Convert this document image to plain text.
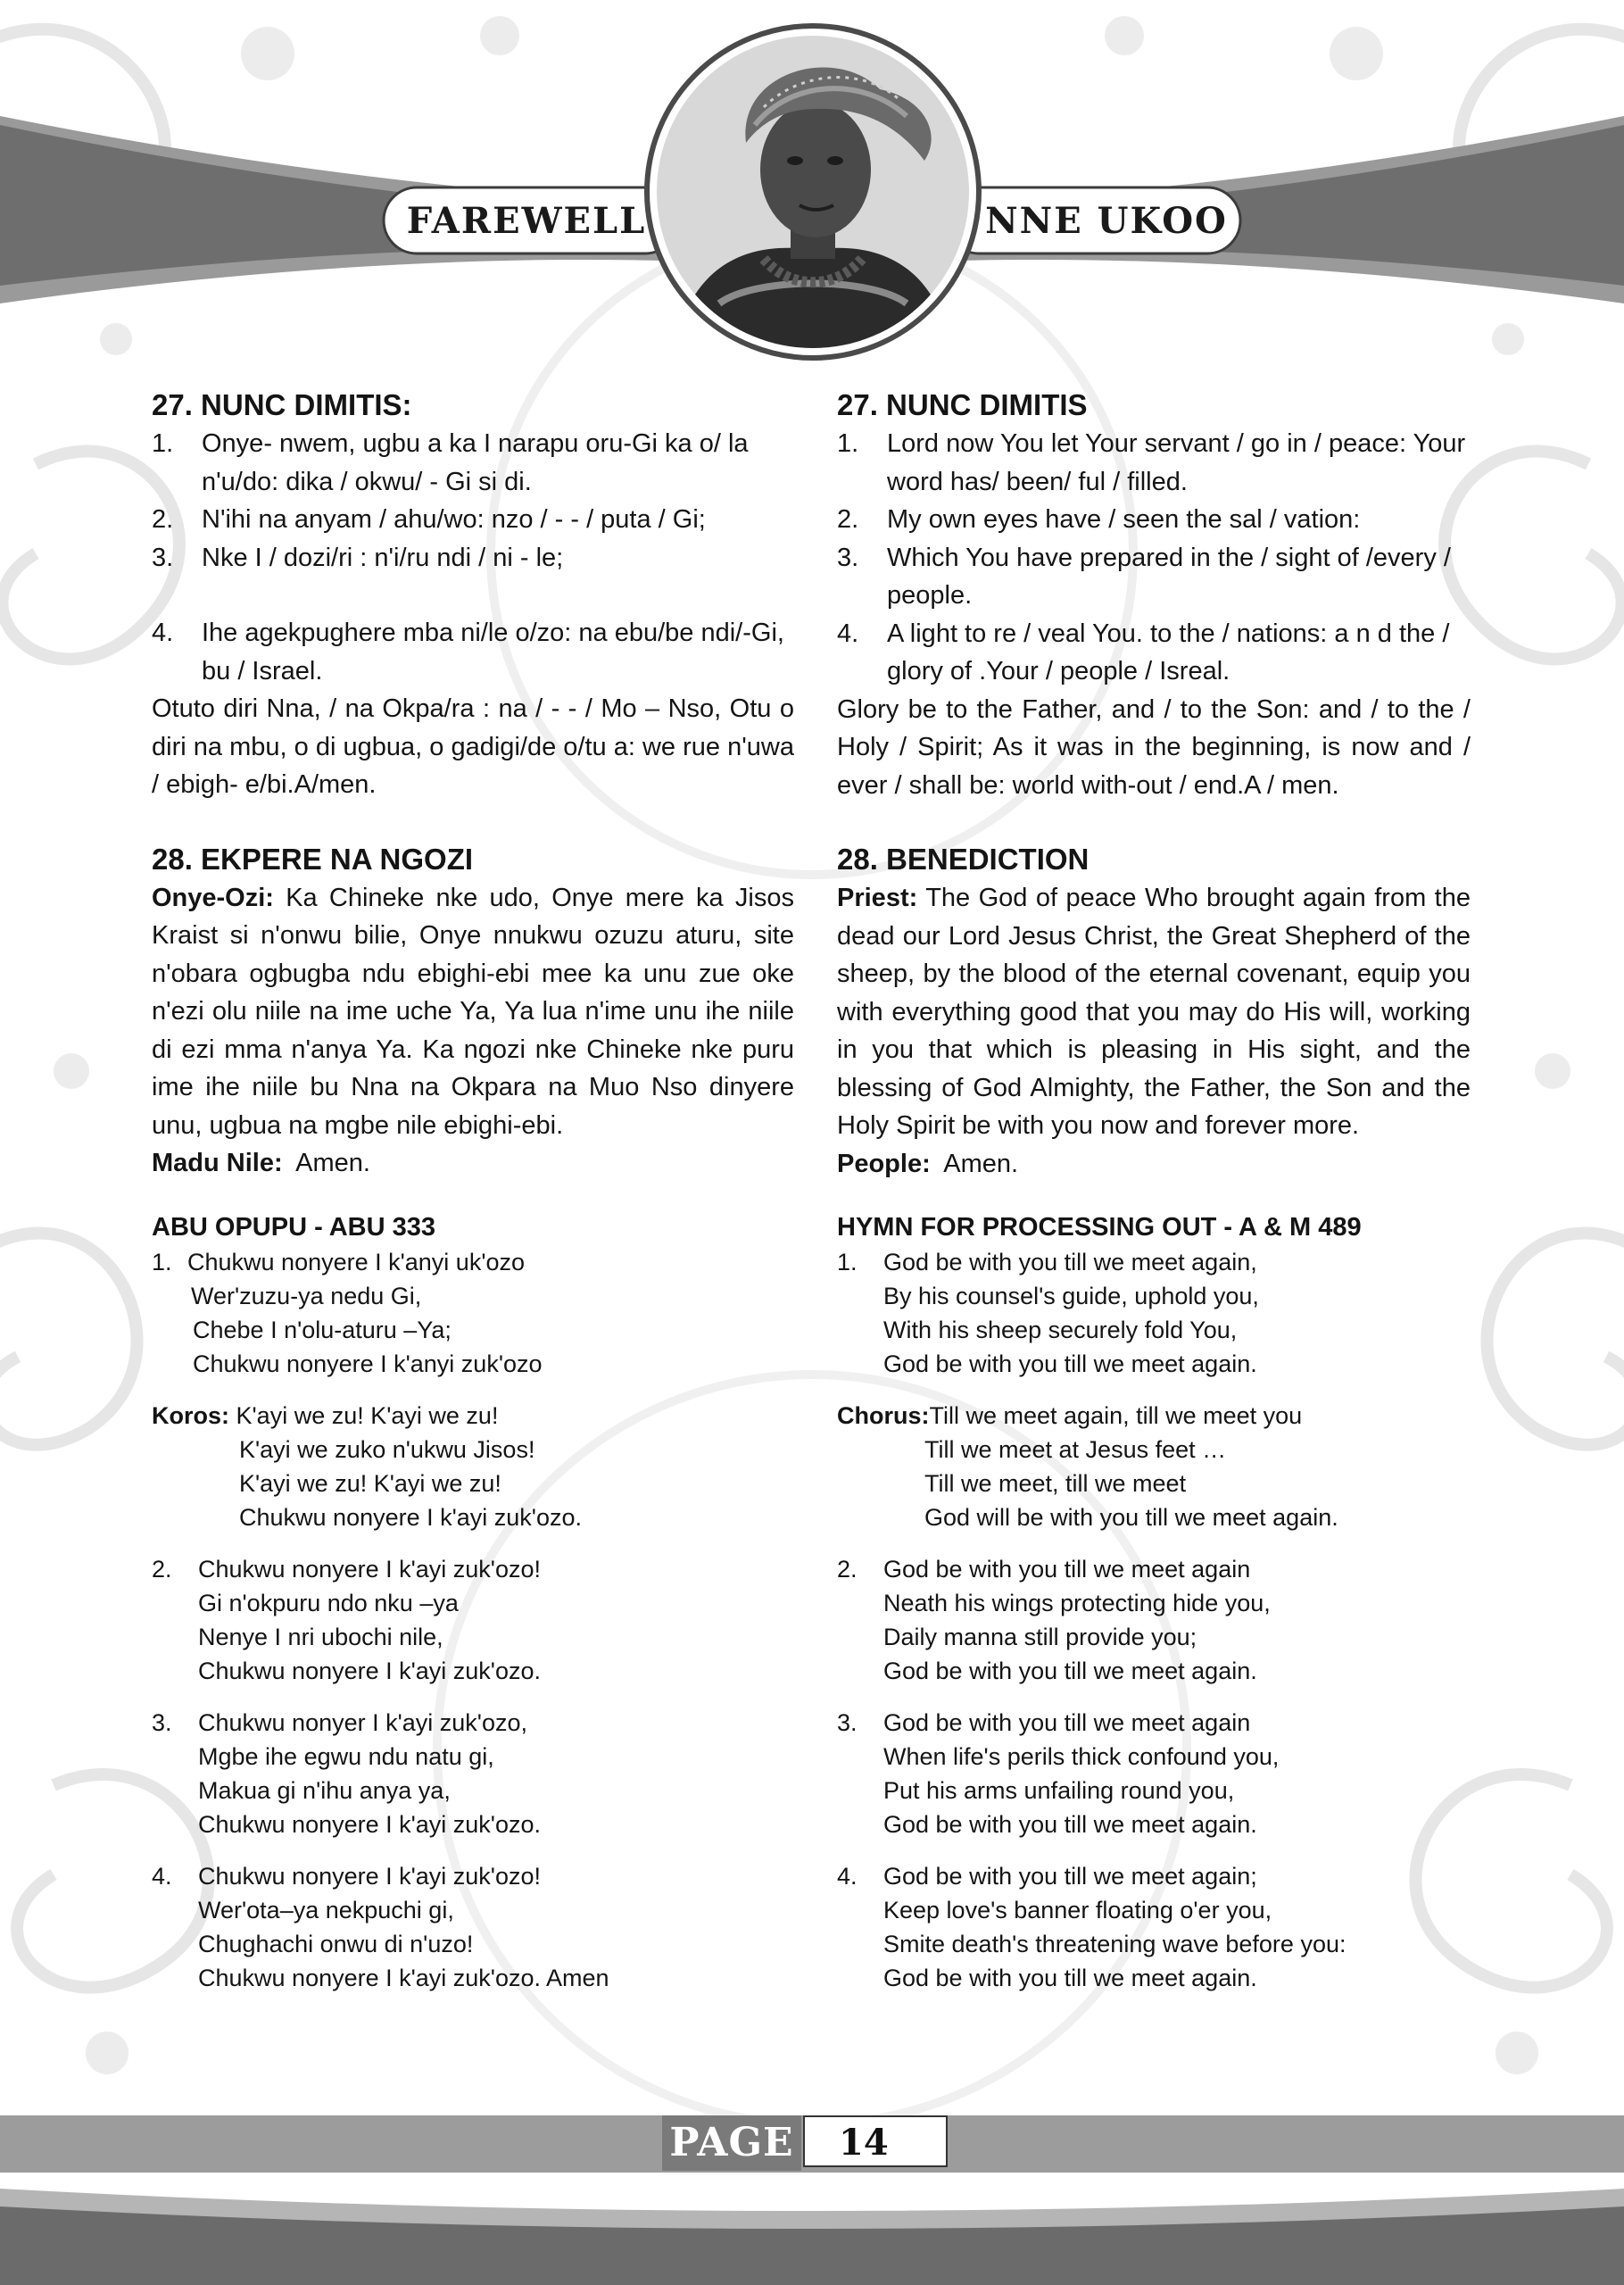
FAREWELL	NNE UKOO
27. NUNC DIMITIS:
1. Onye- nwem, ugbu a ka I narapu oru-Gi ka o/ la n'u/do: dika / okwu/ - Gi si di.
2. N'ihi na anyam / ahu/wo: nzo / - - / puta / Gi;
3. Nke I / dozi/ri : n'i/ru ndi / ni - le;
4. Ihe agekpughere mba ni/le o/zo: na ebu/be ndi/-Gi, bu / Israel.

Otuto diri Nna, / na Okpa/ra : na / - - / Mo – Nso, Otu o diri na mbu, o di ugbua, o gadigi/de o/tu a: we rue n'uwa / ebigh- e/bi.A/men.

28. EKPERE NA NGOZI

Onye-Ozi: Ka Chineke nke udo, Onye mere ka Jisos Kraist si n'onwu bilie, Onye nnukwu ozuzu aturu, site n'obara ogbugba ndu ebighi-ebi mee ka unu zue oke n'ezi olu niile na ime uche Ya, Ya lua n'ime unu ihe niile di ezi mma n'anya Ya. Ka ngozi nke Chineke nke puru ime ihe niile bu Nna na Okpara na Muo Nso dinyere unu, ugbua na mgbe nile ebighi-ebi.

Madu Nile: Amen.

ABU OPUPU - ABU 333
1. Chukwu nonyere I k'anyi uk'ozo
Wer'zuzu-ya nedu Gi,
Chebe I n'olu-aturu –Ya;
Chukwu nonyere I k'anyi zuk'ozo
Koros: K'ayi we zu! K'ayi we zu!
K'ayi we zuko n'ukwu Jisos!
K'ayi we zu! K'ayi we zu!
Chukwu nonyere I k'ayi zuk'ozo.
2. Chukwu nonyere I k'ayi zuk'ozo!
Gi n'okpuru ndo nku –ya
Nenye I nri ubochi nile,
Chukwu nonyere I k'ayi zuk'ozo.
3. Chukwu nonyer I k'ayi zuk'ozo,
Mgbe ihe egwu ndu natu gi,
Makua gi n'ihu anya ya,
Chukwu nonyere I k'ayi zuk'ozo.
4. Chukwu nonyere I k'ayi zuk'ozo!
Wer'ota–ya nekpuchi gi,
Chughachi onwu di n'uzo!
Chukwu nonyere I k'ayi zuk'ozo. Amen
27. NUNC DIMITIS
1. Lord now You let Your servant / go in / peace: Your word has/ been/ ful / filled.
2. My own eyes have / seen the sal / vation:
3. Which You have prepared in the / sight of /every / people.
4. A light to re / veal You. to the / nations: a n d the / glory of .Your / people / Isreal.

Glory be to the Father, and / to the Son: and / to the / Holy / Spirit; As it was in the beginning, is now and / ever / shall be: world with-out / end.A / men.

28. BENEDICTION

Priest: The God of peace Who brought again from the dead our Lord Jesus Christ, the Great Shepherd of the sheep, by the blood of the eternal covenant, equip you with everything good that you may do His will, working in you that which is pleasing in His sight, and the blessing of God Almighty, the Father, the Son and the Holy Spirit be with you now and forever more.

People: Amen.

HYMN FOR PROCESSING OUT - A & M 489
1. God be with you till we meet again,
By his counsel's guide, uphold you,
With his sheep securely fold You,
God be with you till we meet again.
Chorus:Till we meet again, till we meet you
Till we meet at Jesus feet …
Till we meet, till we meet
God will be with you till we meet again.
2. God be with you till we meet again
Neath his wings protecting hide you,
Daily manna still provide you;
God be with you till we meet again.
3. God be with you till we meet again
When life's perils thick confound you,
Put his arms unfailing round you,
God be with you till we meet again.
4. God be with you till we meet again;
Keep love's banner floating o'er you,
Smite death's threatening wave before you:
God be with you till we meet again.
PAGE	14
